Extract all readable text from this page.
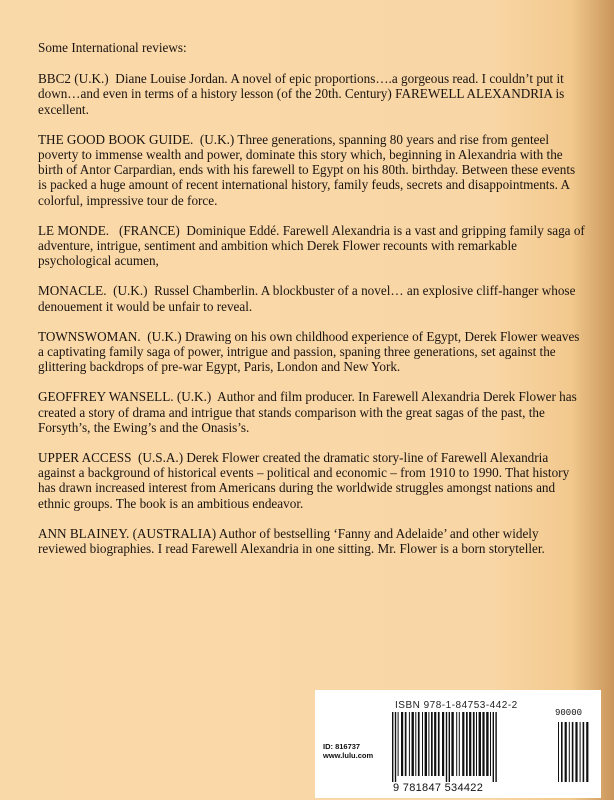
Some International reviews:

BBC2 (U.K.)  Diane Louise Jordan. A novel of epic proportions….a gorgeous read. I couldn’t put it down…and even in terms of a history lesson (of the 20th. Century) FAREWELL ALEXANDRIA is excellent.

THE GOOD BOOK GUIDE.  (U.K.) Three generations, spanning 80 years and rise from genteel poverty to immense wealth and power, dominate this story which, beginning in Alexandria with the birth of Antor Carpardian, ends with his farewell to Egypt on his 80th. birthday. Between these events is packed a huge amount of recent international history, family feuds, secrets and disappointments. A colorful, impressive tour de force.

LE MONDE.   (FRANCE)  Dominique Eddé. Farewell Alexandria is a vast and gripping family saga of adventure, intrigue, sentiment and ambition which Derek Flower recounts with remarkable psychological acumen,

MONACLE.  (U.K.)  Russel Chamberlin. A blockbuster of a novel… an explosive cliff-hanger whose denouement it would be unfair to reveal.

TOWNSWOMAN.  (U.K.) Drawing on his own childhood experience of Egypt, Derek Flower weaves a captivating family saga of power, intrigue and passion, spaning three generations, set against the glittering backdrops of pre-war Egypt, Paris, London and New York.

GEOFFREY WANSELL. (U.K.)  Author and film producer. In Farewell Alexandria Derek Flower has created a story of drama and intrigue that stands comparison with the great sagas of the past, the Forsyth’s, the Ewing’s and the Onasis’s.

UPPER ACCESS  (U.S.A.) Derek Flower created the dramatic story-line of Farewell Alexandria against a background of historical events – political and economic – from 1910 to 1990. That history has drawn increased interest from Americans during the worldwide struggles amongst nations and ethnic groups. The book is an ambitious endeavor.

ANN BLAINEY. (AUSTRALIA) Author of bestselling ‘Fanny and Adelaide’ and other widely reviewed biographies. I read Farewell Alexandria in one sitting. Mr. Flower is a born storyteller.

ISBN 978-1-84753-442-2
90000
ID: 816737
www.lulu.com
9 781847 534422
